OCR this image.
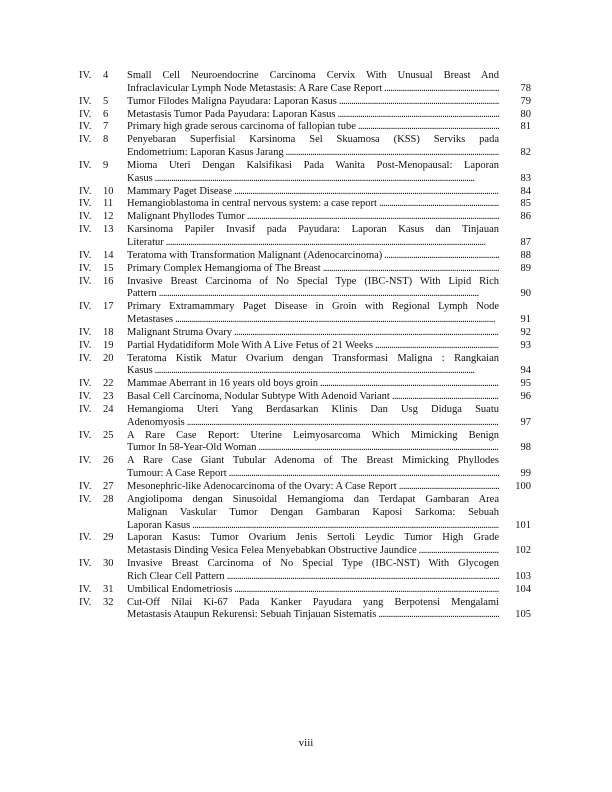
IV.	4	Small Cell Neuroendocrine Carcinoma Cervix With Unusual Breast And
Infraclavicular Lymph Node Metastasis: A Rare Case Report . . .
	78
IV.	5	Tumor Filodes Maligna Payudara: Laporan Kasus . . .	79
IV.	6	Metastasis Tumor Pada Payudara: Laporan Kasus . . .	80
IV.	7	Primary high grade serous carcinoma of fallopian tube . . .	81
IV.	8	Penyebaran Superfisial Karsinoma Sel Skuamosa (KSS) Serviks pada
Endometrium: Laporan Kasus Jarang . . .
	82
IV.	9	Mioma Uteri Dengan Kalsifikasi Pada Wanita Post-Menopausal: Laporan
Kasus . . .
	83
IV.	10	Mammary Paget Disease . . .	84
IV.	11	Hemangioblastoma in central nervous system: a case report . . .	85
IV.	12	Malignant Phyllodes Tumor . . .	86
IV.	13	Karsinoma Papiler Invasif pada Payudara: Laporan Kasus dan Tinjauan
Literatur . . .
	87
IV.	14	Teratoma with Transformation Malignant (Adenocarcinoma) . . .	88
IV.	15	Primary Complex Hemangioma of The Breast . . .	89
IV.	16	Invasive Breast Carcinoma of No Special Type (IBC-NST) With Lipid Rich
Pattern . . .
	90
IV.	17	Primary Extramammary Paget Disease in Groin with Regional Lymph Node
Metastases . . .
	91
IV.	18	Malignant Struma Ovary . . .	92
IV.	19	Partial Hydatidiform Mole With A Live Fetus of 21 Weeks . . .	93
IV.	20	Teratoma Kistik Matur Ovarium dengan Transformasi Maligna : Rangkaian
Kasus . . .
	94
IV.	22	Mammae Aberrant in 16 years old boys groin . . .	95
IV.	23	Basal Cell Carcinoma, Nodular Subtype With Adenoid Variant . . .	96
IV.	24	Hemangioma Uteri Yang Berdasarkan Klinis Dan Usg Diduga Suatu
Adenomyosis . . .
	97
IV.	25	A Rare Case Report: Uterine Leimyosarcoma Which Mimicking Benign
Tumor In 58-Year-Old Woman . . .
	98
IV.	26	A Rare Case Giant Tubular Adenoma of The Breast Mimicking Phyllodes
Tumour: A Case Report . . .
	99
IV.	27	Mesonephric-like Adenocarcinoma of the Ovary: A Case Report . . .	100
IV.	28	Angiolipoma dengan Sinusoidal Hemangioma dan Terdapat Gambaran Area
Malignan Vaskular Tumor Dengan Gambaran Kaposi Sarkoma: Sebuah
Laporan Kasus . . .

	101
IV.	29	Laporan Kasus: Tumor Ovarium Jenis Sertoli Leydic Tumor High Grade
Metastasis Dinding Vesica Felea Menyebabkan Obstructive Jaundice . . .
	102
IV.	30	Invasive Breast Carcinoma of No Special Type (IBC-NST) With Glycogen
Rich Clear Cell Pattern . . .
	103
IV.	31	Umbilical Endometriosis . . .	104
IV.	32	Cut-Off Nilai Ki-67 Pada Kanker Payudara yang Berpotensi Mengalami
Metastasis Ataupun Rekurensi: Sebuah Tinjauan Sistematis . . .
	105
viii
